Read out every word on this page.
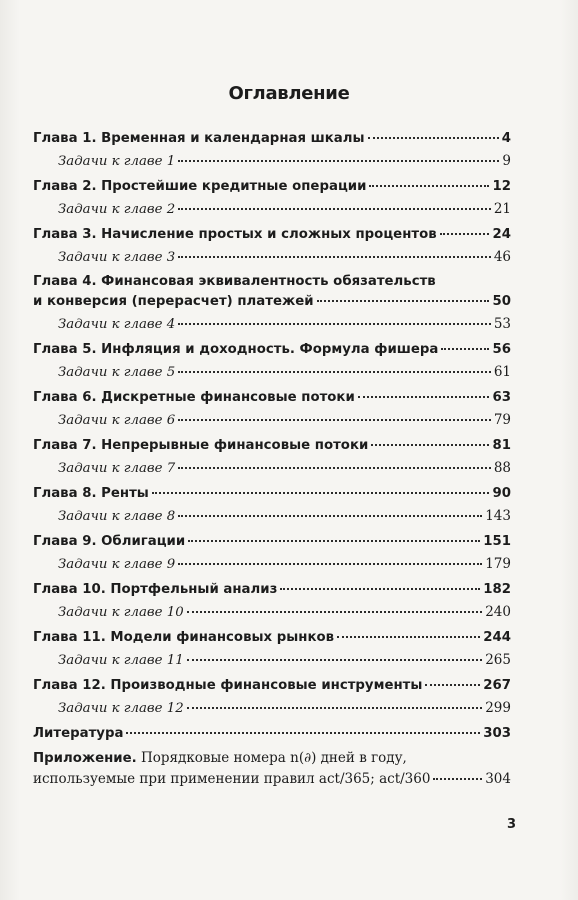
Оглавление
Глава 1. Временная и календарная шкалы	4
Задачи к главе 1	9
Глава 2. Простейшие кредитные операции	12
Задачи к главе 2	21
Глава 3. Начисление простых и сложных процентов	24
Задачи к главе 3	46
Глава 4. Финансовая эквивалентность обязательств
и конверсия (перерасчет) платежей	50
Задачи к главе 4	53
Глава 5. Инфляция и доходность. Формула фишера	56
Задачи к главе 5	61
Глава 6. Дискретные финансовые потоки	63
Задачи к главе 6	79
Глава 7. Непрерывные финансовые потоки	81
Задачи к главе 7	88
Глава 8. Ренты	90
Задачи к главе 8	143
Глава 9. Облигации	151
Задачи к главе 9	179
Глава 10. Портфельный анализ	182
Задачи к главе 10	240
Глава 11. Модели финансовых рынков	244
Задачи к главе 11	265
Глава 12. Производные финансовые инструменты	267
Задачи к главе 12	299
Литература	303
Приложение. Порядковые номера n(∂) дней в году,
используемые при применении правил act/365; act/360	304
3
